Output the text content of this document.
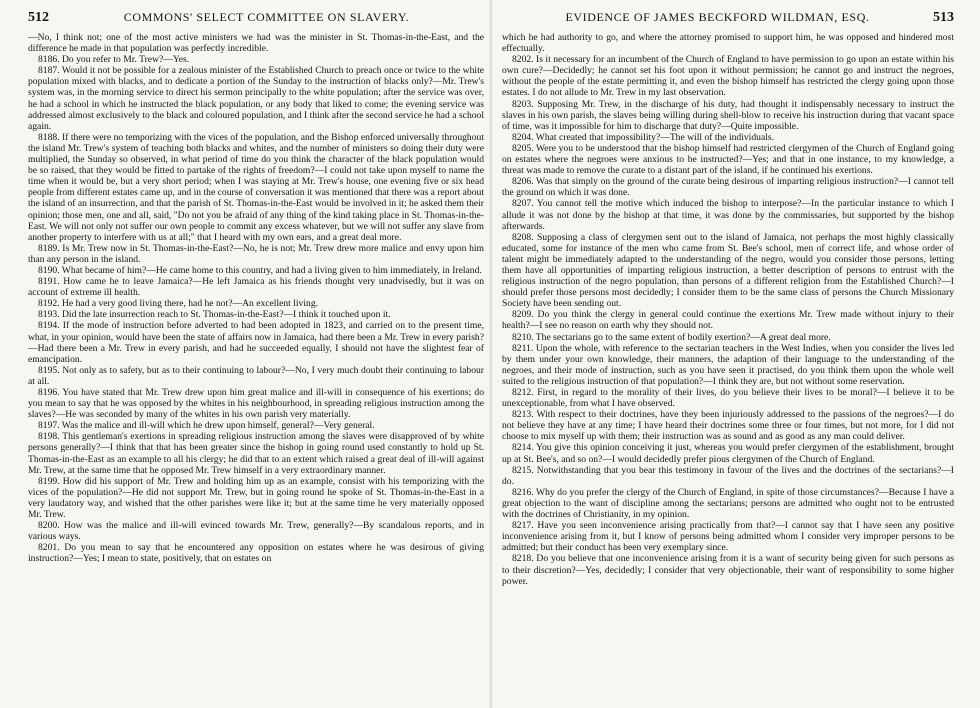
512	COMMONS' SELECT COMMITTEE ON SLAVERY.

—No, I think not; one of the most active ministers we had was the minister in St. Thomas-in-the-East, and the difference he made in that population was perfectly incredible.

8186. Do you refer to Mr. Trew?—Yes.

8187. Would it not be possible for a zealous minister of the Established Church to preach once or twice to the white population mixed with blacks, and to dedicate a portion of the Sunday to the instruction of blacks only?—Mr. Trew's system was, in the morning service to direct his sermon principally to the white population; after the service was over, he had a school in which he instructed the black population, or any body that liked to come; the evening service was addressed almost exclusively to the black and coloured population, and I think after the second service he had a school again.

8188. If there were no temporizing with the vices of the population, and the Bishop enforced universally throughout the island Mr. Trew's system of teaching both blacks and whites, and the number of ministers so doing their duty were multiplied, the Sunday so observed, in what period of time do you think the character of the black population would be so raised, that they would be fitted to partake of the rights of freedom?—I could not take upon myself to name the time when it would be, but a very short period; when I was staying at Mr. Trew's house, one evening five or six head people from different estates came up, and in the course of conversation it was mentioned that there was a report about the island of an insurrection, and that the parish of St. Thomas-in-the-East would be involved in it; he asked them their opinion; those men, one and all, said, "Do not you be afraid of any thing of the kind taking place in St. Thomas-in-the-East. We will not only not suffer our own people to commit any excess whatever, but we will not suffer any slave from another property to interfere with us at all;" that I heard with my own ears, and a great deal more.

8189. Is Mr. Trew now in St. Thomas-in-the-East?—No, he is not; Mr. Trew drew more malice and envy upon him than any person in the island.

8190. What became of him?—He came home to this country, and had a living given to him immediately, in Ireland.

8191. How came he to leave Jamaica?—He left Jamaica as his friends thought very unadvisedly, but it was on account of extreme ill health.

8192. He had a very good living there, had he not?—An excellent living.

8193. Did the late insurrection reach to St. Thomas-in-the-East?—I think it touched upon it.

8194. If the mode of instruction before adverted to had been adopted in 1823, and carried on to the present time, what, in your opinion, would have been the state of affairs now in Jamaica, had there been a Mr. Trew in every parish?—Had there been a Mr. Trew in every parish, and had he succeeded equally, I should not have the slightest fear of emancipation.

8195. Not only as to safety, but as to their continuing to labour?—No, I very much doubt their continuing to labour at all.

8196. You have stated that Mr. Trew drew upon him great malice and ill-will in consequence of his exertions; do you mean to say that he was opposed by the whites in his neighbourhood, in spreading religious instruction among the slaves?—He was seconded by many of the whites in his own parish very materially.

8197. Was the malice and ill-will which he drew upon himself, general?—Very general.

8198. This gentleman's exertions in spreading religious instruction among the slaves were disapproved of by white persons generally?—I think that that has been greater since the bishop in going round used constantly to hold up St. Thomas-in-the-East as an example to all his clergy; he did that to an extent which raised a great deal of ill-will against Mr. Trew, at the same time that he opposed Mr. Trew himself in a very extraordinary manner.

8199. How did his support of Mr. Trew and holding him up as an example, consist with his temporizing with the vices of the population?—He did not support Mr. Trew, but in going round he spoke of St. Thomas-in-the-East in a very laudatory way, and wished that the other parishes were like it; but at the same time he very materially opposed Mr. Trew.

8200. How was the malice and ill-will evinced towards Mr. Trew, generally?—By scandalous reports, and in various ways.

8201. Do you mean to say that he encountered any opposition on estates where he was desirous of giving instruction?—Yes; I mean to state, positively, that on estates on

EVIDENCE OF JAMES BECKFORD WILDMAN, ESQ.	513

which he had authority to go, and where the attorney promised to support him, he was opposed and hindered most effectually.

8202. Is it necessary for an incumbent of the Church of England to have permission to go upon an estate within his own cure?—Decidedly; he cannot set his foot upon it without permission; he cannot go and instruct the negroes, without the people of the estate permitting it, and even the bishop himself has restricted the clergy going upon those estates. I do not allude to Mr. Trew in my last observation.

8203. Supposing Mr. Trew, in the discharge of his duty, had thought it indispensably necessary to instruct the slaves in his own parish, the slaves being willing during shell-blow to receive his instruction during that vacant space of time, was it impossible for him to discharge that duty?—Quite impossible.

8204. What created that impossibility?—The will of the individuals.

8205. Were you to be understood that the bishop himself had restricted clergymen of the Church of England going on estates where the negroes were anxious to be instructed?—Yes; and that in one instance, to my knowledge, a threat was made to remove the curate to a distant part of the island, if he continued his exertions.

8206. Was that simply on the ground of the curate being desirous of imparting religious instruction?—I cannot tell the ground on which it was done.

8207. You cannot tell the motive which induced the bishop to interpose?—In the particular instance to which I allude it was not done by the bishop at that time, it was done by the commissaries, but supported by the bishop afterwards.

8208. Supposing a class of clergymen sent out to the island of Jamaica, not perhaps the most highly classically educated, some for instance of the men who came from St. Bee's school, men of correct life, and whose order of talent might be immediately adapted to the understanding of the negro, would you consider those persons, letting them have all opportunities of imparting religious instruction, a better description of persons to entrust with the religious instruction of the negro population, than persons of a different religion from the Established Church?—I should prefer those persons most decidedly; I consider them to be the same class of persons the Church Missionary Society have been sending out.

8209. Do you think the clergy in general could continue the exertions Mr. Trew made without injury to their health?—I see no reason on earth why they should not.

8210. The sectarians go to the same extent of bodily exertion?—A great deal more.

8211. Upon the whole, with reference to the sectarian teachers in the West Indies, when you consider the lives led by them under your own knowledge, their manners, the adaption of their language to the understanding of the negroes, and their mode of instruction, such as you have seen it practised, do you think them upon the whole well suited to the religious instruction of that population?—I think they are, but not without some reservation.

8212. First, in regard to the morality of their lives, do you believe their lives to be moral?—I believe it to be unexceptionable, from what I have observed.

8213. With respect to their doctrines, have they been injuriously addressed to the passions of the negroes?—I do not believe they have at any time; I have heard their doctrines some three or four times, but not more, for I did not choose to mix myself up with them; their instruction was as sound and as good as any man could deliver.

8214. You give this opinion conceiving it just, whereas you would prefer clergymen of the establishment, brought up at St. Bee's, and so on?—I would decidedly prefer pious clergymen of the Church of England.

8215. Notwithstanding that you bear this testimony in favour of the lives and the doctrines of the sectarians?—I do.

8216. Why do you prefer the clergy of the Church of England, in spite of those circumstances?—Because I have a great objection to the want of discipline among the sectarians; persons are admitted who ought not to be entrusted with the doctrines of Christianity, in my opinion.

8217. Have you seen inconvenience arising practically from that?—I cannot say that I have seen any positive inconvenience arising from it, but I know of persons being admitted whom I consider very improper persons to be admitted; but their conduct has been very exemplary since.

8218. Do you believe that one inconvenience arising from it is a want of security being given for such persons as to their discretion?—Yes, decidedly; I consider that very objectionable, their want of responsibility to some higher power.
